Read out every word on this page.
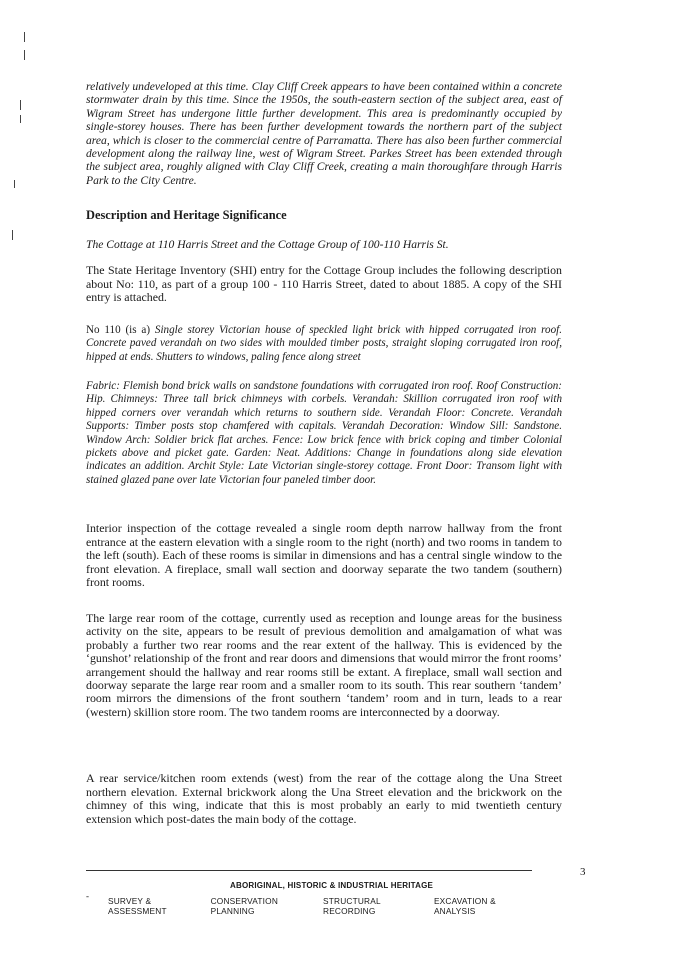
relatively undeveloped at this time. Clay Cliff Creek appears to have been contained within a concrete stormwater drain by this time. Since the 1950s, the south-eastern section of the subject area, east of Wigram Street has undergone little further development. This area is predominantly occupied by single-storey houses. There has been further development towards the northern part of the subject area, which is closer to the commercial centre of Parramatta. There has also been further commercial development along the railway line, west of Wigram Street. Parkes Street has been extended through the subject area, roughly aligned with Clay Cliff Creek, creating a main thoroughfare through Harris Park to the City Centre.

Description and Heritage Significance

The Cottage at 110 Harris Street and the Cottage Group of 100-110 Harris St.

The State Heritage Inventory (SHI) entry for the Cottage Group includes the following description about No: 110, as part of a group 100 - 110 Harris Street, dated to about 1885. A copy of the SHI entry is attached.

No 110 (is a) Single storey Victorian house of speckled light brick with hipped corrugated iron roof. Concrete paved verandah on two sides with moulded timber posts, straight sloping corrugated iron roof, hipped at ends. Shutters to windows, paling fence along street

Fabric: Flemish bond brick walls on sandstone foundations with corrugated iron roof. Roof Construction: Hip. Chimneys: Three tall brick chimneys with corbels. Verandah: Skillion corrugated iron roof with hipped corners over verandah which returns to southern side. Verandah Floor: Concrete. Verandah Supports: Timber posts stop chamfered with capitals. Verandah Decoration: Window Sill: Sandstone. Window Arch: Soldier brick flat arches. Fence: Low brick fence with brick coping and timber Colonial pickets above and picket gate. Garden: Neat. Additions: Change in foundations along side elevation indicates an addition. Archit Style: Late Victorian single-storey cottage. Front Door: Transom light with stained glazed pane over late Victorian four paneled timber door.

Interior inspection of the cottage revealed a single room depth narrow hallway from the front entrance at the eastern elevation with a single room to the right (north) and two rooms in tandem to the left (south). Each of these rooms is similar in dimensions and has a central single window to the front elevation. A fireplace, small wall section and doorway separate the two tandem (southern) front rooms.

The large rear room of the cottage, currently used as reception and lounge areas for the business activity on the site, appears to be result of previous demolition and amalgamation of what was probably a further two rear rooms and the rear extent of the hallway. This is evidenced by the ‘gunshot’ relationship of the front and rear doors and dimensions that would mirror the front rooms’ arrangement should the hallway and rear rooms still be extant. A fireplace, small wall section and doorway separate the large rear room and a smaller room to its south. This rear southern ‘tandem’ room mirrors the dimensions of the front southern ‘tandem’ room and in turn, leads to a rear (western) skillion store room. The two tandem rooms are interconnected by a doorway.

A rear service/kitchen room extends (west) from the rear of the cottage along the Una Street northern elevation. External brickwork along the Una Street elevation and the brickwork on the chimney of this wing, indicate that this is most probably an early to mid twentieth century extension which post-dates the main body of the cottage.

3
ABORIGINAL, HISTORIC & INDUSTRIAL HERITAGE
- SURVEY & ASSESSMENT
CONSERVATION PLANNING
STRUCTURAL RECORDING
EXCAVATION & ANALYSIS
